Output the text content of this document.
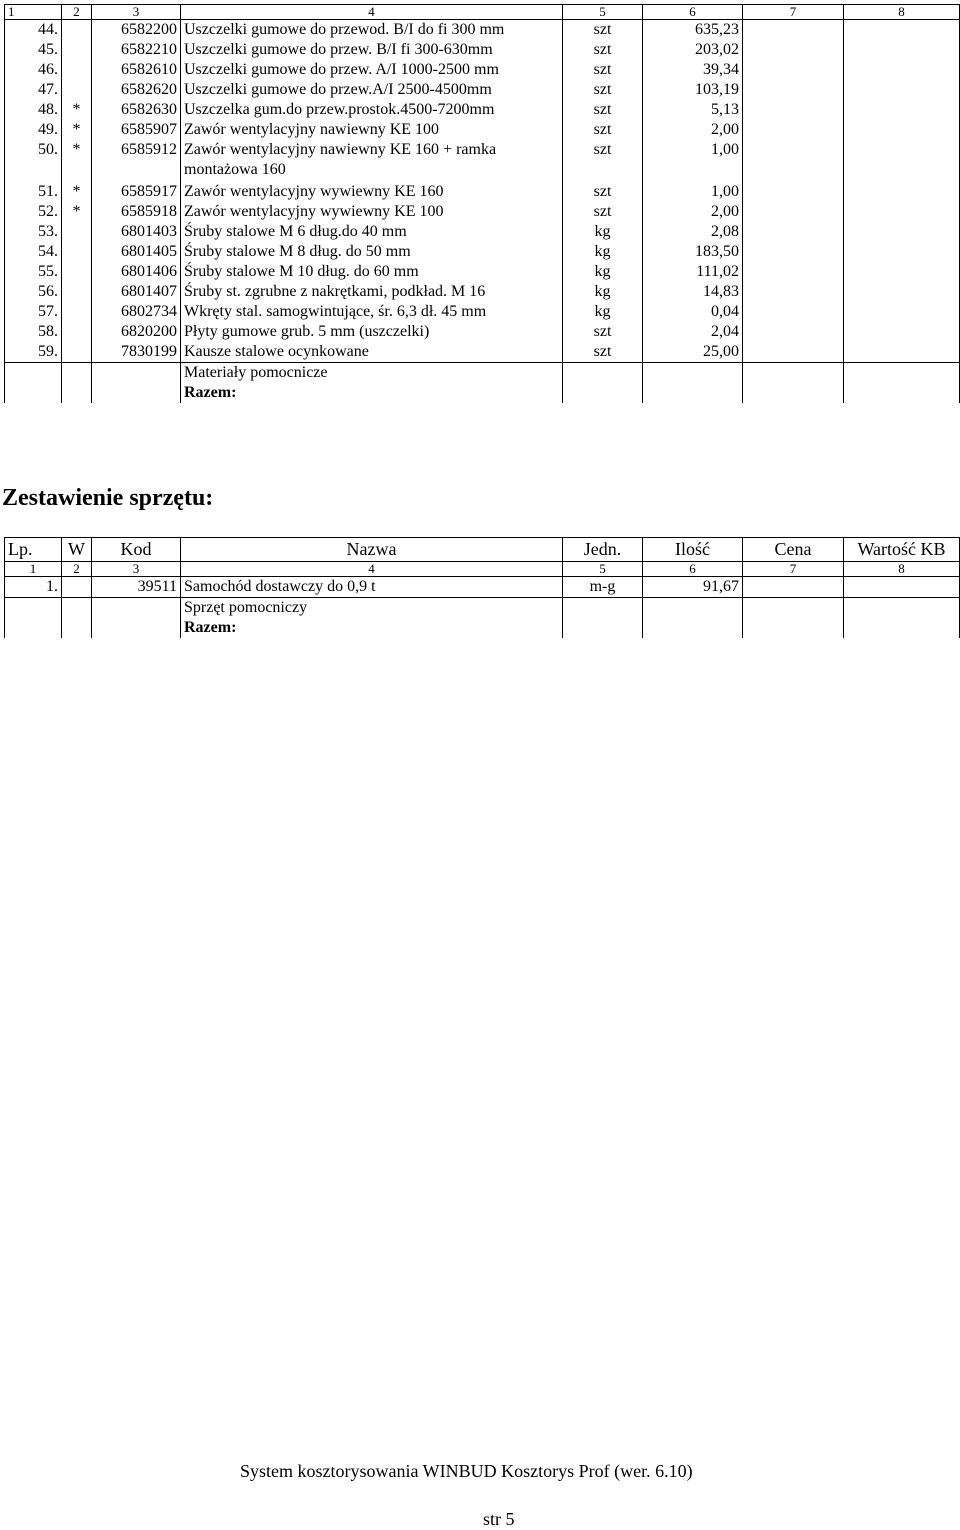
1	2	3	4	5	6	7	8
44.		6582200	Uszczelki gumowe do przewod. B/I do fi 300 mm	szt	635,23		
45.		6582210	Uszczelki gumowe do przew. B/I fi 300-630mm	szt	203,02		
46.		6582610	Uszczelki gumowe do przew. A/I 1000-2500 mm	szt	39,34		
47.		6582620	Uszczelki gumowe do przew.A/I 2500-4500mm	szt	103,19		
48.	*	6582630	Uszczelka gum.do przew.prostok.4500-7200mm	szt	5,13		
49.	*	6585907	Zawór wentylacyjny nawiewny KE 100	szt	2,00		
50.	*	6585912	Zawór wentylacyjny nawiewny KE 160 + ramka montażowa 160	szt	1,00		
51.	*	6585917	Zawór wentylacyjny wywiewny KE 160	szt	1,00		
52.	*	6585918	Zawór wentylacyjny wywiewny KE 100	szt	2,00		
53.		6801403	Śruby stalowe M 6 dług.do 40 mm	kg	2,08		
54.		6801405	Śruby stalowe M 8 dług. do 50 mm	kg	183,50		
55.		6801406	Śruby stalowe M 10 dług. do 60 mm	kg	111,02		
56.		6801407	Śruby st. zgrubne z nakrętkami, podkład. M 16	kg	14,83		
57.		6802734	Wkręty stal. samogwintujące, śr. 6,3 dł. 45 mm	kg	0,04		
58.		6820200	Płyty gumowe grub. 5 mm (uszczelki)	szt	2,04		
59.		7830199	Kausze stalowe ocynkowane	szt	25,00		
			Materiały pomocnicze				
			Razem:				
Zestawienie sprzętu:
Lp.	W	Kod	Nazwa	Jedn.	Ilość	Cena	Wartość KB
1	2	3	4	5	6	7	8
1.		39511	Samochód dostawczy do 0,9 t	m-g	91,67		
			Sprzęt pomocniczy				
			Razem:				
System kosztorysowania WINBUD Kosztorys Prof (wer. 6.10)
str 5
